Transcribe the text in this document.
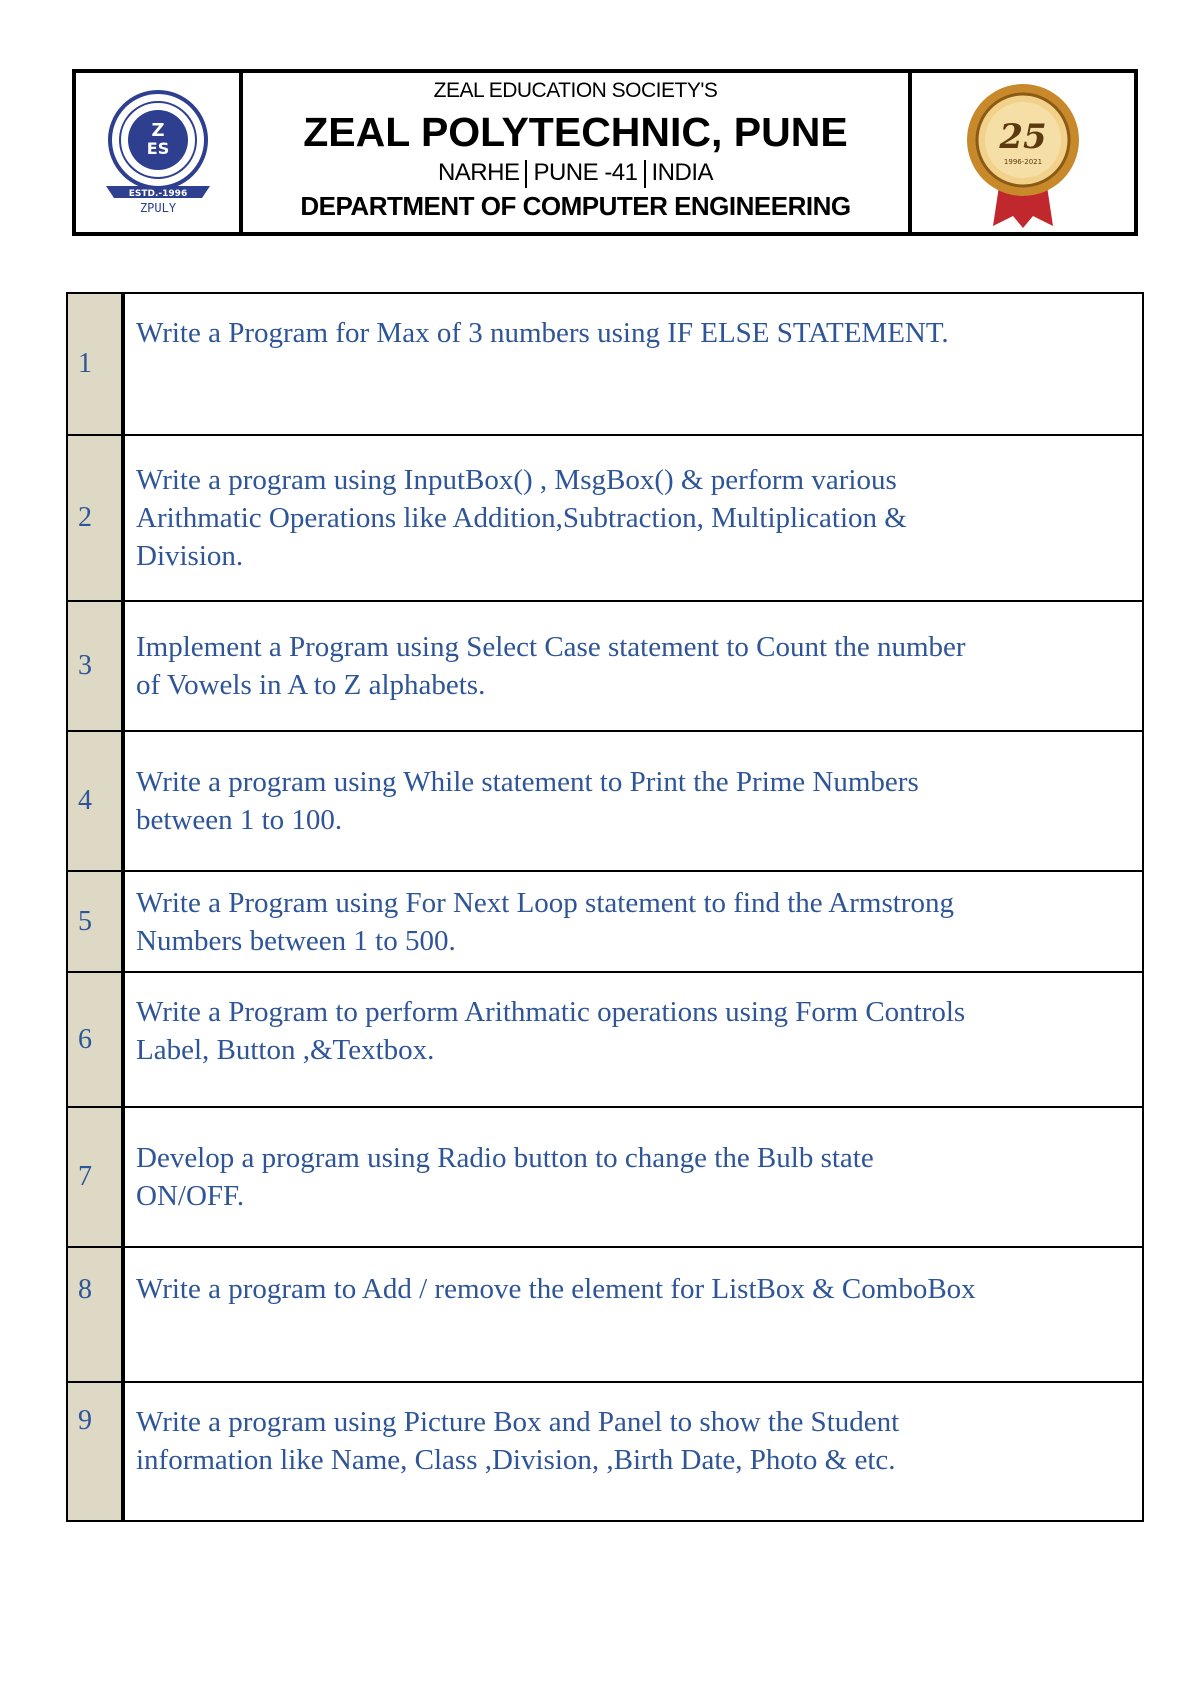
Z
ES
ESTD.-1996
ZPULY
ZEAL EDUCATION SOCIETY'S
ZEAL POLYTECHNIC, PUNE
NARHE PUNE -41 INDIA
DEPARTMENT OF COMPUTER ENGINEERING
25
1996-2021
1	Write a Program for Max of 3 numbers using IF ELSE STATEMENT.

2	Write a program using InputBox() , MsgBox() & perform various
Arithmatic Operations like Addition,Subtraction, Multiplication &
Division.

3	Implement a Program using Select Case statement to Count the number
of Vowels in A to Z alphabets.

4	Write a program using While statement to Print the Prime Numbers
between 1 to 100.

5	Write a Program using For Next Loop statement to find the Armstrong
Numbers between 1 to 500.

6	Write a Program to perform Arithmatic operations using Form Controls
Label, Button ,&Textbox.

7	Develop a program using Radio button to change the Bulb state
ON/OFF.

8	Write a program to Add / remove the element for ListBox & ComboBox

9	Write a program using Picture Box and Panel to show the Student
information like Name, Class ,Division, ,Birth Date, Photo & etc.
